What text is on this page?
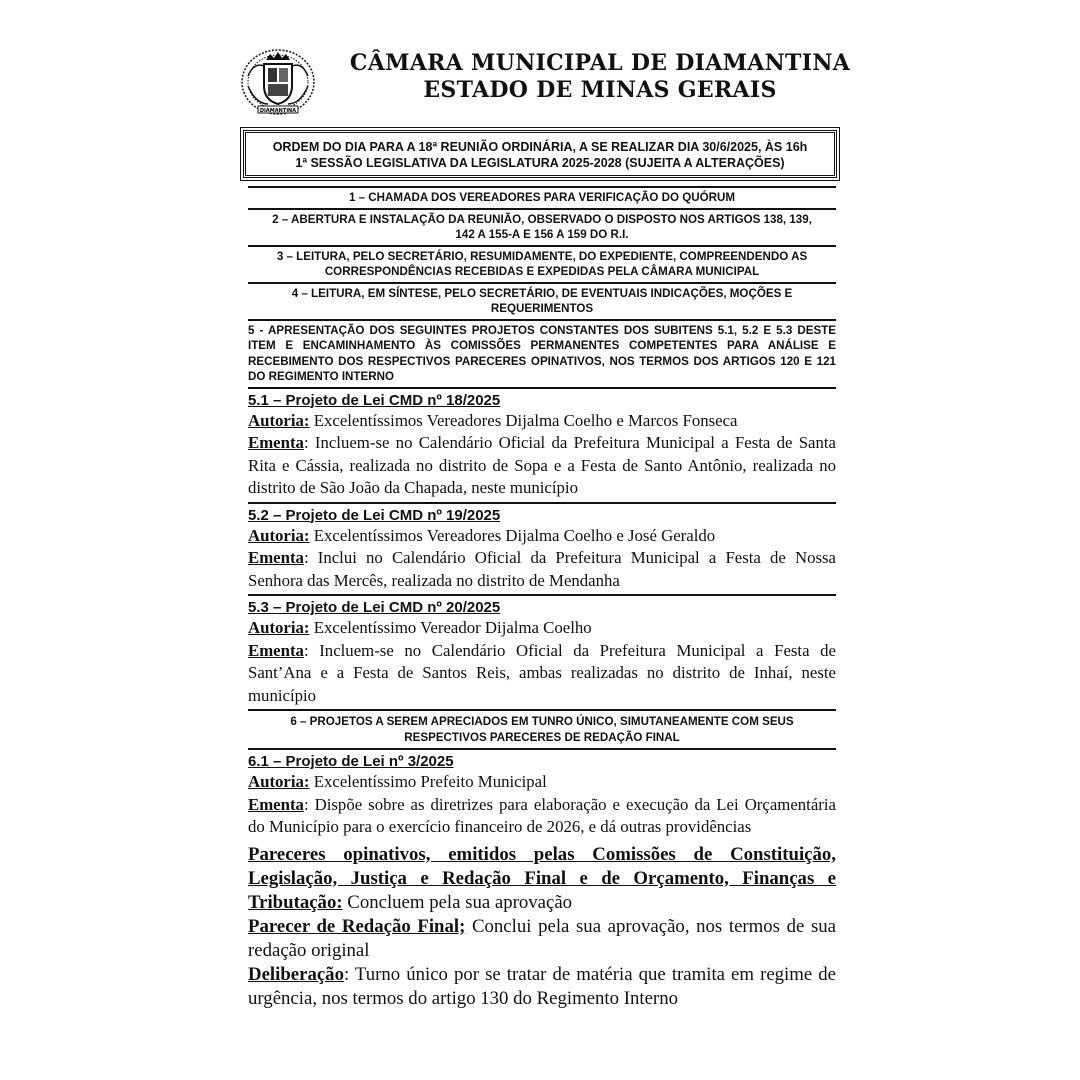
DIAMANTINA
CÂMARA MUNICIPAL DE DIAMANTINA
ESTADO DE MINAS GERAIS
ORDEM DO DIA PARA A 18ª REUNIÃO ORDINÁRIA, A SE REALIZAR DIA 30/6/2025, ÀS 16h
1ª SESSÃO LEGISLATIVA DA LEGISLATURA 2025-2028 (SUJEITA A ALTERAÇÕES)
1 – CHAMADA DOS VEREADORES PARA VERIFICAÇÃO DO QUÓRUM
2 – ABERTURA E INSTALAÇÃO DA REUNIÃO, OBSERVADO O DISPOSTO NOS ARTIGOS 138, 139, 142 A 155-A E 156 A 159 DO R.I.
3 – LEITURA, PELO SECRETÁRIO, RESUMIDAMENTE, DO EXPEDIENTE, COMPREENDENDO AS CORRESPONDÊNCIAS RECEBIDAS E EXPEDIDAS PELA CÂMARA MUNICIPAL
4 – LEITURA, EM SÍNTESE, PELO SECRETÁRIO, DE EVENTUAIS INDICAÇÕES, MOÇÕES E REQUERIMENTOS
5 - APRESENTAÇÃO DOS SEGUINTES PROJETOS CONSTANTES DOS SUBITENS 5.1, 5.2 E 5.3 DESTE ITEM E ENCAMINHAMENTO ÀS COMISSÕES PERMANENTES COMPETENTES PARA ANÁLISE E RECEBIMENTO DOS RESPECTIVOS PARECERES OPINATIVOS, NOS TERMOS DOS ARTIGOS 120 E 121 DO REGIMENTO INTERNO
5.1 – Projeto de Lei CMD nº 18/2025

Autoria: Excelentíssimos Vereadores Dijalma Coelho e Marcos Fonseca

Ementa: Incluem-se no Calendário Oficial da Prefeitura Municipal a Festa de Santa Rita e Cássia, realizada no distrito de Sopa e a Festa de Santo Antônio, realizada no distrito de São João da Chapada, neste município

5.2 – Projeto de Lei CMD nº 19/2025

Autoria: Excelentíssimos Vereadores Dijalma Coelho e José Geraldo

Ementa: Inclui no Calendário Oficial da Prefeitura Municipal a Festa de Nossa Senhora das Mercês, realizada no distrito de Mendanha

5.3 – Projeto de Lei CMD nº 20/2025

Autoria: Excelentíssimo Vereador Dijalma Coelho

Ementa: Incluem-se no Calendário Oficial da Prefeitura Municipal a Festa de Sant’Ana e a Festa de Santos Reis, ambas realizadas no distrito de Inhaí, neste município

6 – PROJETOS A SEREM APRECIADOS EM TUNRO ÚNICO, SIMUTANEAMENTE COM SEUS RESPECTIVOS PARECERES DE REDAÇÃO FINAL
6.1 – Projeto de Lei nº 3/2025

Autoria: Excelentíssimo Prefeito Municipal

Ementa: Dispõe sobre as diretrizes para elaboração e execução da Lei Orçamentária do Município para o exercício financeiro de 2026, e dá outras providências

Pareceres opinativos, emitidos pelas Comissões de Constituição, Legislação, Justiça e Redação Final e de Orçamento, Finanças e Tributação: Concluem pela sua aprovação

Parecer de Redação Final; Conclui pela sua aprovação, nos termos de sua redação original

Deliberação: Turno único por se tratar de matéria que tramita em regime de urgência, nos termos do artigo 130 do Regimento Interno
